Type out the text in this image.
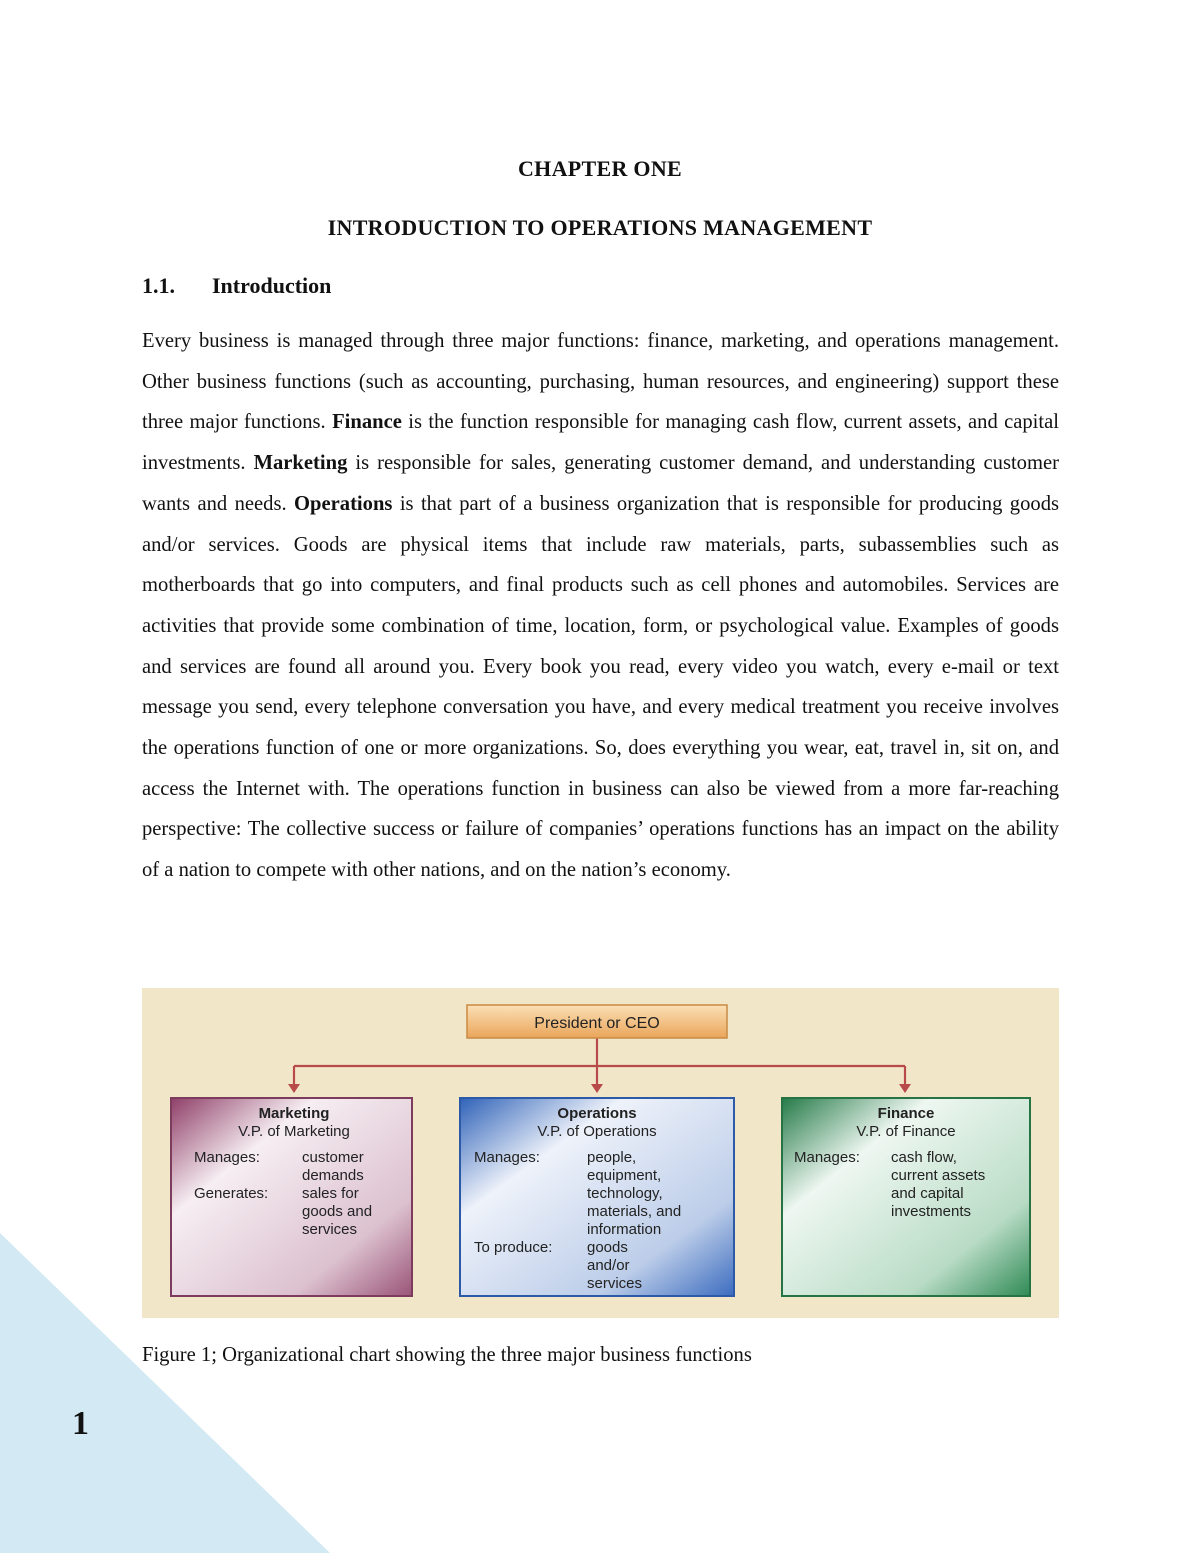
CHAPTER ONE
INTRODUCTION TO OPERATIONS MANAGEMENT
1.1. Introduction

Every business is managed through three major functions: finance, marketing, and operations management. Other business functions (such as accounting, purchasing, human resources, and engineering) support these three major functions. Finance is the function responsible for managing cash flow, current assets, and capital investments. Marketing is responsible for sales, generating customer demand, and understanding customer wants and needs. Operations is that part of a business organization that is responsible for producing goods and/or services. Goods are physical items that include raw materials, parts, subassemblies such as motherboards that go into computers, and final products such as cell phones and automobiles. Services are activities that provide some combination of time, location, form, or psychological value. Examples of goods and services are found all around you. Every book you read, every video you watch, every e-mail or text message you send, every telephone conversation you have, and every medical treatment you receive involves the operations function of one or more organizations. So, does everything you wear, eat, travel in, sit on, and access the Internet with. The operations function in business can also be viewed from a more far-reaching perspective: The collective success or failure of companies’ operations functions has an impact on the ability of a nation to compete with other nations, and on the nation’s economy.

President or CEO
Marketing
V.P. of Marketing
Manages:	customer
demands
Generates: sales for
goods and
services
Operations
V.P. of Operations
Manages:	people,
equipment,
technology,
materials, and
information
To produce: goods
and/or
services
Finance
V.P. of Finance
Manages: cash flow,
current assets
and capital
investments
Figure 1; Organizational chart showing the three major business functions
1
